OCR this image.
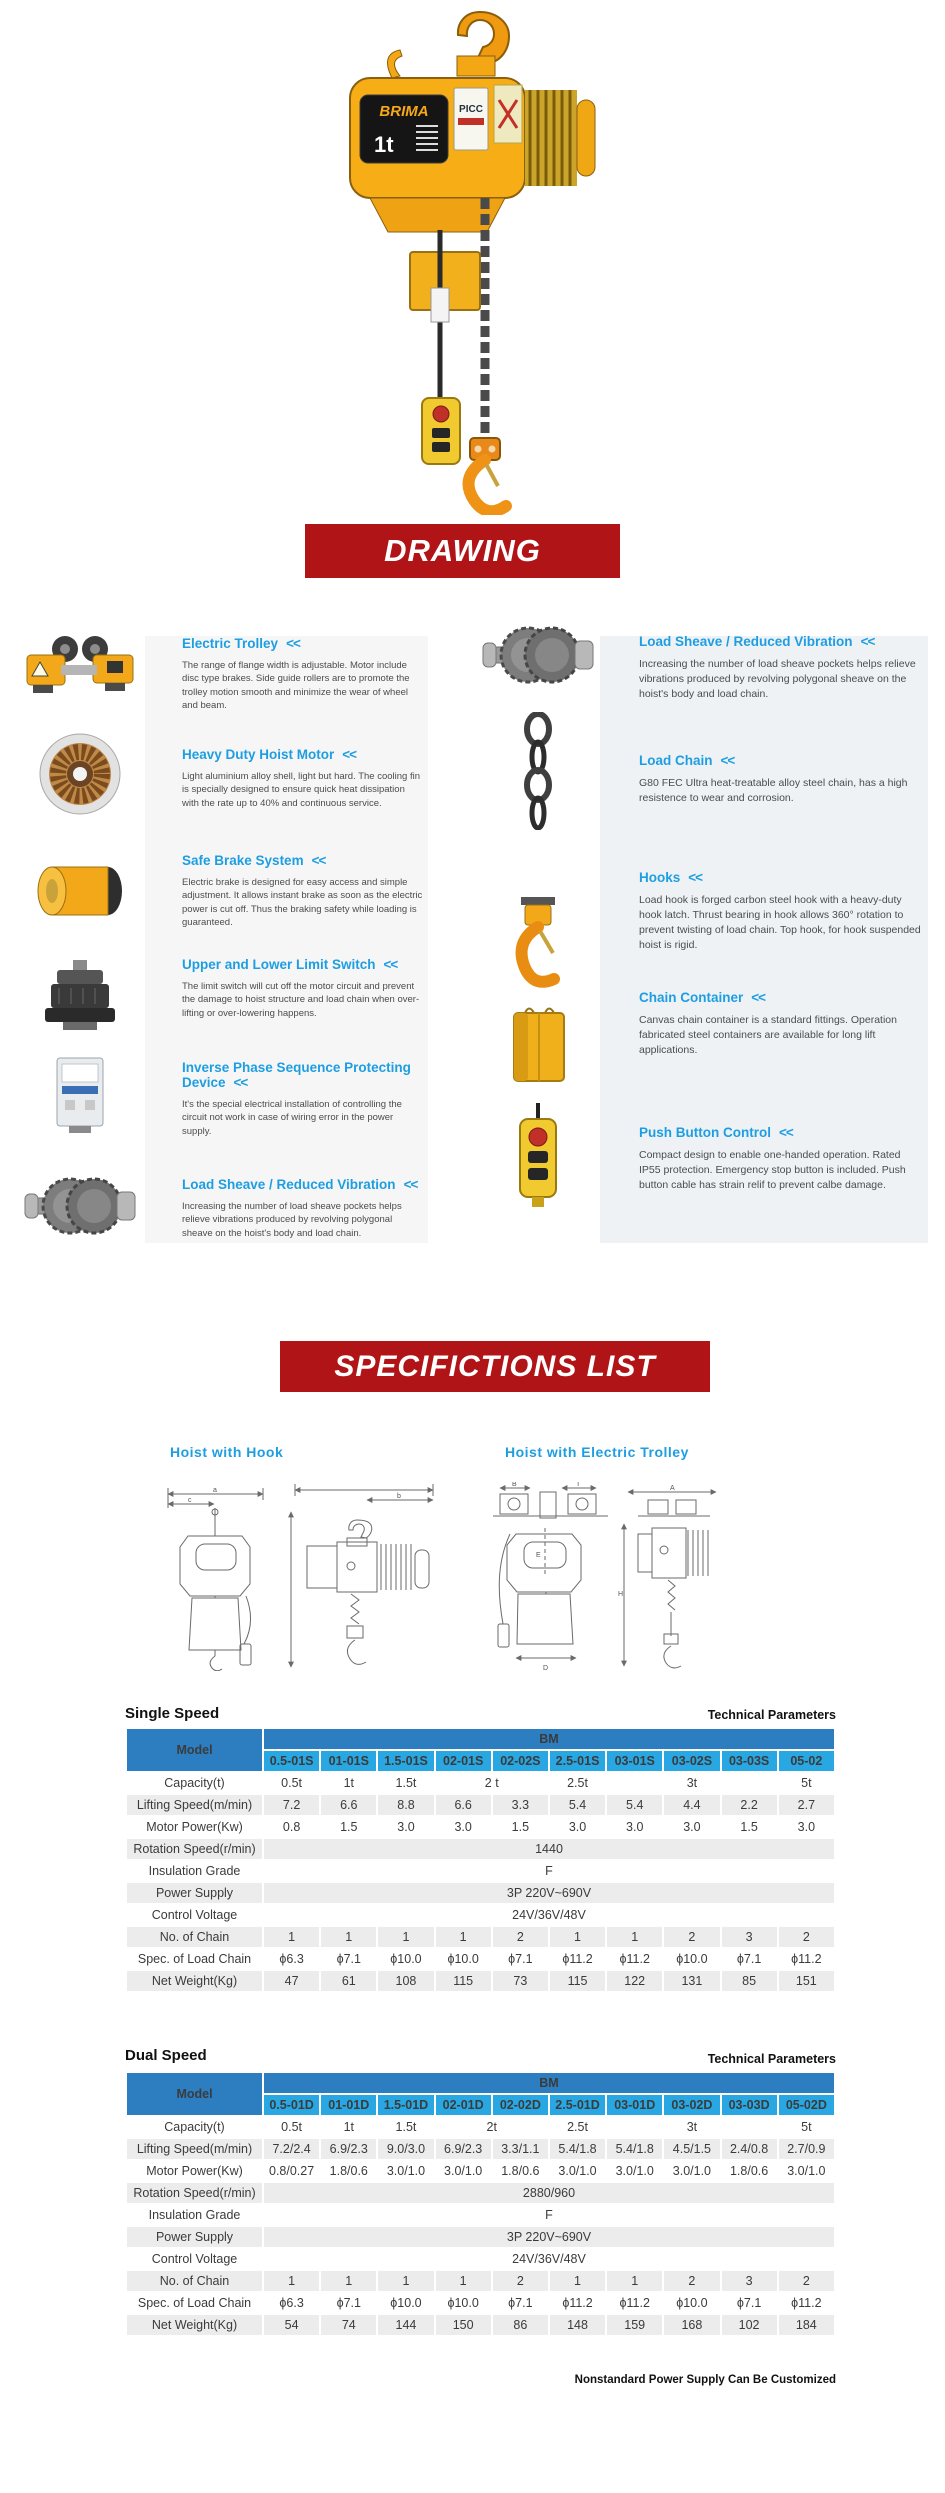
BRIMA
1t
PICC
DRAWING
Electric Trolley <<
The range of flange width is adjustable. Motor include disc type brakes. Side guide rollers are to promote the trolley motion smooth and minimize the wear of wheel and beam.
Heavy Duty Hoist Motor <<
Light aluminium alloy shell, light but hard. The cooling fin is specially designed to ensure quick heat dissipation with the rate up to 40% and continuous service.
Safe Brake System <<
Electric brake is designed for easy access and simple adjustment. It allows instant brake as soon as the electric power is cut off. Thus the braking safety while loading is guaranteed.
Upper and Lower Limit Switch <<
The limit switch will cut off the motor circuit and prevent the damage to hoist structure and load chain when over-lifting or over-lowering happens.
Inverse Phase Sequence Protecting Device <<
It's the special electrical installation of controlling the circuit not work in case of wiring error in the power supply.
Load Sheave / Reduced Vibration <<
Increasing the number of load sheave pockets helps relieve vibrations produced by revolving polygonal sheave on the hoist's body and load chain.
Load Sheave / Reduced Vibration <<
Increasing the number of load sheave pockets helps relieve vibrations produced by revolving polygonal sheave on the hoist's body and load chain.
Load Chain <<
G80 FEC Ultra heat-treatable alloy steel chain, has a high resistence to wear and corrosion.
Hooks <<
Load hook is forged carbon steel hook with a heavy-duty hook latch. Thrust bearing in hook allows 360° rotation to prevent twisting of load chain. Top hook, for hook suspended hoist is rigid.
Chain Container <<
Canvas chain container is a standard fittings. Operation fabricated steel containers are available for long lift applications.
Push Button Control <<
Compact design to enable one-handed operation. Rated IP55 protection. Emergency stop button is included. Push button cable has strain relif to prevent calbe damage.
SPECIFICTIONS LIST
Hoist with Hook	Hoist with Electric Trolley
a
c
b
B	T
E
D
A
H
Single Speed	Technical Parameters
Model	BM									
	0.5-01S	01-01S	1.5-01S	02-01S	02-02S	2.5-01S	03-01S	03-02S	03-03S	05-02
Capacity(t)	0.5t	1t	1.5t	2 t		2.5t	3t			5t
Lifting Speed(m/min)	7.2	6.6	8.8	6.6	3.3	5.4	5.4	4.4	2.2	2.7
Motor Power(Kw)	0.8	1.5	3.0	3.0	1.5	3.0	3.0	3.0	1.5	3.0
Rotation Speed(r/min)	1440									
Insulation Grade	F									
Power Supply	3P 220V~690V									
Control Voltage	24V/36V/48V									
No. of Chain	1	1	1	1	2	1	1	2	3	2
Spec. of Load Chain	ϕ6.3	ϕ7.1	ϕ10.0	ϕ10.0	ϕ7.1	ϕ11.2	ϕ11.2	ϕ10.0	ϕ7.1	ϕ11.2
Net Weight(Kg)	47	61	108	115	73	115	122	131	85	151
Dual Speed	Technical Parameters
Model	BM									
	0.5-01D	01-01D	1.5-01D	02-01D	02-02D	2.5-01D	03-01D	03-02D	03-03D	05-02D
Capacity(t)	0.5t	1t	1.5t	2t		2.5t	3t			5t
Lifting Speed(m/min)	7.2/2.4	6.9/2.3	9.0/3.0	6.9/2.3	3.3/1.1	5.4/1.8	5.4/1.8	4.5/1.5	2.4/0.8	2.7/0.9
Motor Power(Kw)	0.8/0.27	1.8/0.6	3.0/1.0	3.0/1.0	1.8/0.6	3.0/1.0	3.0/1.0	3.0/1.0	1.8/0.6	3.0/1.0
Rotation Speed(r/min)	2880/960									
Insulation Grade	F									
Power Supply	3P 220V~690V									
Control Voltage	24V/36V/48V									
No. of Chain	1	1	1	1	2	1	1	2	3	2
Spec. of Load Chain	ϕ6.3	ϕ7.1	ϕ10.0	ϕ10.0	ϕ7.1	ϕ11.2	ϕ11.2	ϕ10.0	ϕ7.1	ϕ11.2
Net Weight(Kg)	54	74	144	150	86	148	159	168	102	184
Nonstandard Power Supply Can Be Customized
